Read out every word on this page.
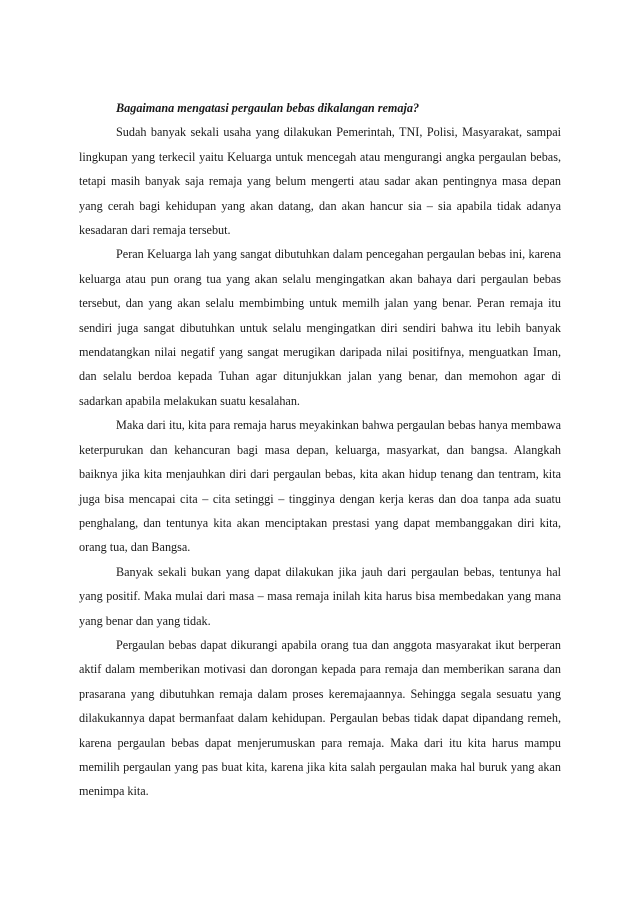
Bagaimana mengatasi pergaulan bebas dikalangan remaja?

Sudah banyak sekali usaha yang dilakukan Pemerintah, TNI, Polisi, Masyarakat, sampai lingkupan yang terkecil yaitu Keluarga untuk mencegah atau mengurangi angka pergaulan bebas, tetapi masih banyak saja remaja yang belum mengerti atau sadar akan pentingnya masa depan yang cerah bagi kehidupan yang akan datang, dan akan hancur sia – sia apabila tidak adanya kesadaran dari remaja tersebut.

Peran Keluarga lah yang sangat dibutuhkan dalam pencegahan pergaulan bebas ini, karena keluarga atau pun orang tua yang akan selalu mengingatkan akan bahaya dari pergaulan bebas tersebut, dan yang akan selalu membimbing untuk memilh jalan yang benar. Peran remaja itu sendiri juga sangat dibutuhkan untuk selalu mengingatkan diri sendiri bahwa itu lebih banyak mendatangkan nilai negatif yang sangat merugikan daripada nilai positifnya, menguatkan Iman, dan selalu berdoa kepada Tuhan agar ditunjukkan jalan yang benar, dan memohon agar di sadarkan apabila melakukan suatu kesalahan.

Maka dari itu, kita para remaja harus meyakinkan bahwa pergaulan bebas hanya membawa keterpurukan dan kehancuran bagi masa depan, keluarga, masyarkat, dan bangsa. Alangkah baiknya jika kita menjauhkan diri dari pergaulan bebas, kita akan hidup tenang dan tentram, kita juga bisa mencapai cita – cita setinggi – tingginya dengan kerja keras dan doa tanpa ada suatu penghalang, dan tentunya kita akan menciptakan prestasi yang dapat membanggakan diri kita, orang tua, dan Bangsa.

Banyak sekali bukan yang dapat dilakukan jika jauh dari pergaulan bebas, tentunya hal yang positif. Maka mulai dari masa – masa remaja inilah kita harus bisa membedakan yang mana yang benar dan yang tidak.

Pergaulan bebas dapat dikurangi apabila orang tua dan anggota masyarakat ikut berperan aktif dalam memberikan motivasi dan dorongan kepada para remaja dan memberikan sarana dan prasarana yang dibutuhkan remaja dalam proses keremajaannya. Sehingga segala sesuatu yang dilakukannya dapat bermanfaat dalam kehidupan. Pergaulan bebas tidak dapat dipandang remeh, karena pergaulan bebas dapat menjerumuskan para remaja. Maka dari itu kita harus mampu memilih pergaulan yang pas buat kita, karena jika kita salah pergaulan maka hal buruk yang akan menimpa kita.
